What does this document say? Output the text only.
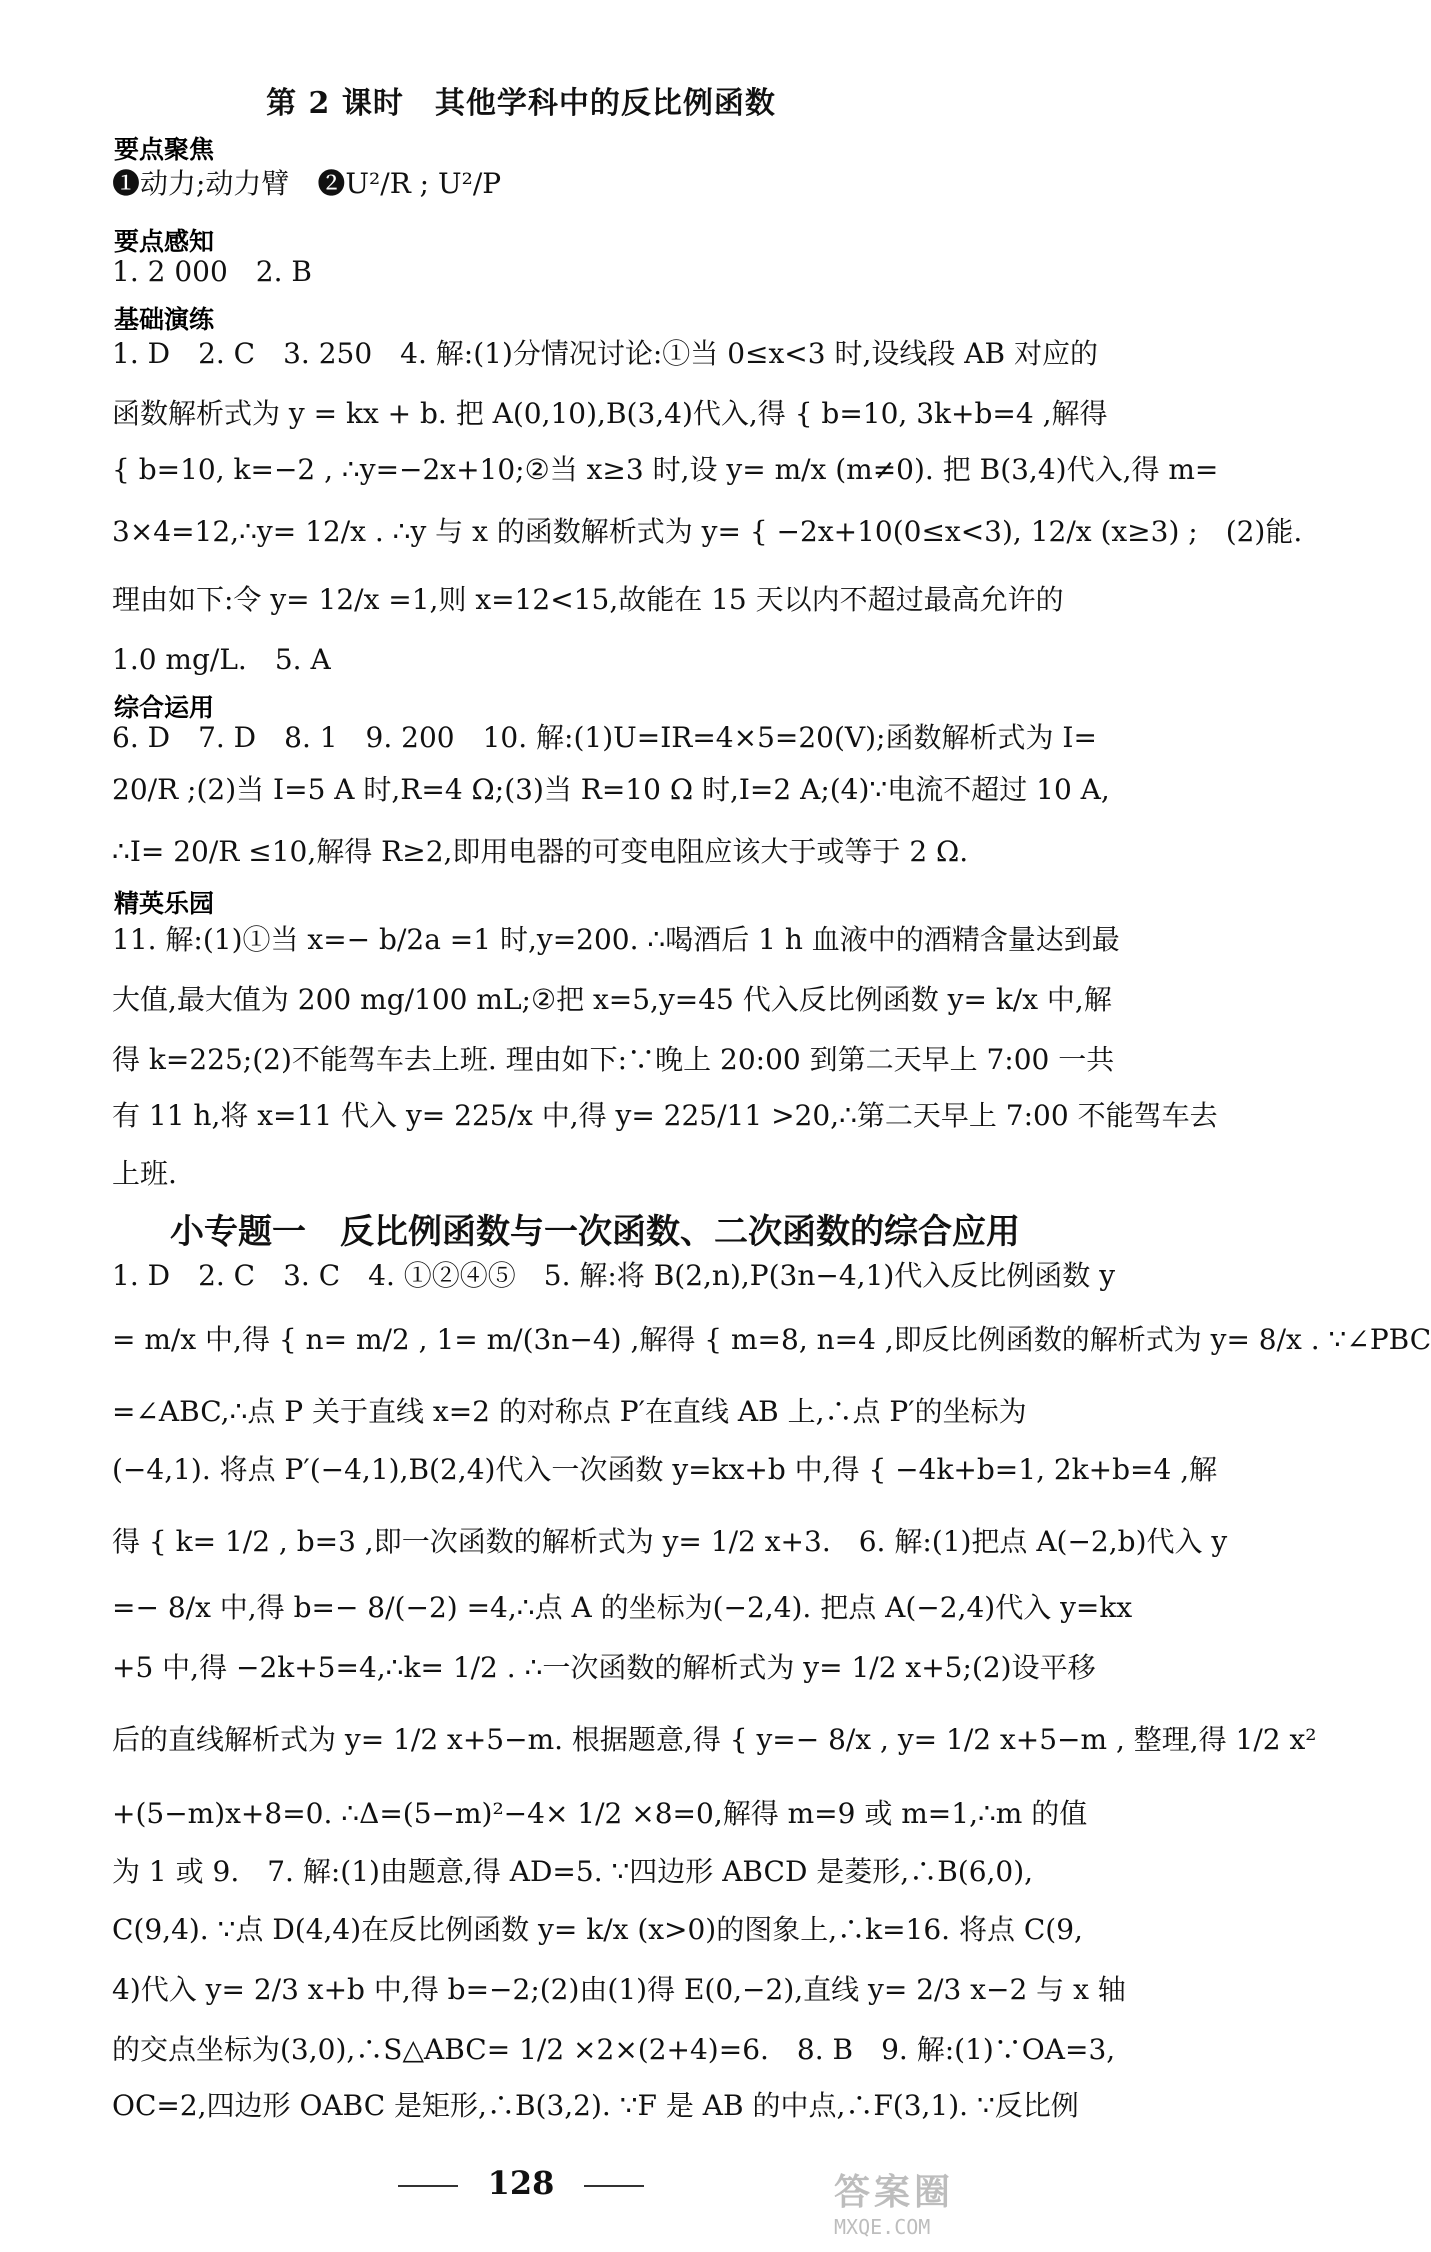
第 2 课时　其他学科中的反比例函数
要点聚焦
❶动力;动力臂　❷U²/R ; U²/P
要点感知
1. 2 000　2. B
基础演练
1. D　2. C　3. 250　4. 解:(1)分情况讨论:①当 0≤x<3 时,设线段 AB 对应的
函数解析式为 y = kx + b. 把 A(0,10),B(3,4)代入,得 { b=10, 3k+b=4 ,解得
{ b=10, k=−2 , ∴y=−2x+10;②当 x≥3 时,设 y= m/x (m≠0). 把 B(3,4)代入,得 m=
3×4=12,∴y= 12/x . ∴y 与 x 的函数解析式为 y= { −2x+10(0≤x<3), 12/x (x≥3) ;　(2)能.
理由如下:令 y= 12/x =1,则 x=12<15,故能在 15 天以内不超过最高允许的
1.0 mg/L.　5. A
综合运用
6. D　7. D　8. 1　9. 200　10. 解:(1)U=IR=4×5=20(V);函数解析式为 I=
20/R ;(2)当 I=5 A 时,R=4 Ω;(3)当 R=10 Ω 时,I=2 A;(4)∵电流不超过 10 A,
∴I= 20/R ≤10,解得 R≥2,即用电器的可变电阻应该大于或等于 2 Ω.
精英乐园
11. 解:(1)①当 x=− b/2a =1 时,y=200. ∴喝酒后 1 h 血液中的酒精含量达到最
大值,最大值为 200 mg/100 mL;②把 x=5,y=45 代入反比例函数 y= k/x 中,解
得 k=225;(2)不能驾车去上班. 理由如下:∵晚上 20:00 到第二天早上 7:00 一共
有 11 h,将 x=11 代入 y= 225/x 中,得 y= 225/11 >20,∴第二天早上 7:00 不能驾车去
上班.
小专题一　反比例函数与一次函数、二次函数的综合应用
1. D　2. C　3. C　4. ①②④⑤　5. 解:将 B(2,n),P(3n−4,1)代入反比例函数 y
= m/x 中,得 { n= m/2 , 1= m/(3n−4) ,解得 { m=8, n=4 ,即反比例函数的解析式为 y= 8/x . ∵∠PBC
=∠ABC,∴点 P 关于直线 x=2 的对称点 P′在直线 AB 上,∴点 P′的坐标为
(−4,1). 将点 P′(−4,1),B(2,4)代入一次函数 y=kx+b 中,得 { −4k+b=1, 2k+b=4 ,解
得 { k= 1/2 , b=3 ,即一次函数的解析式为 y= 1/2 x+3.　6. 解:(1)把点 A(−2,b)代入 y
=− 8/x 中,得 b=− 8/(−2) =4,∴点 A 的坐标为(−2,4). 把点 A(−2,4)代入 y=kx
+5 中,得 −2k+5=4,∴k= 1/2 . ∴一次函数的解析式为 y= 1/2 x+5;(2)设平移
后的直线解析式为 y= 1/2 x+5−m. 根据题意,得 { y=− 8/x , y= 1/2 x+5−m , 整理,得 1/2 x²
+(5−m)x+8=0. ∴Δ=(5−m)²−4× 1/2 ×8=0,解得 m=9 或 m=1,∴m 的值
为 1 或 9.　7. 解:(1)由题意,得 AD=5. ∵四边形 ABCD 是菱形,∴B(6,0),
C(9,4). ∵点 D(4,4)在反比例函数 y= k/x (x>0)的图象上,∴k=16. 将点 C(9,
4)代入 y= 2/3 x+b 中,得 b=−2;(2)由(1)得 E(0,−2),直线 y= 2/3 x−2 与 x 轴
的交点坐标为(3,0),∴S△ABC= 1/2 ×2×(2+4)=6.　8. B　9. 解:(1)∵OA=3,
OC=2,四边形 OABC 是矩形,∴B(3,2). ∵F 是 AB 的中点,∴F(3,1). ∵反比例
128	答案圈
MXQE.COM
